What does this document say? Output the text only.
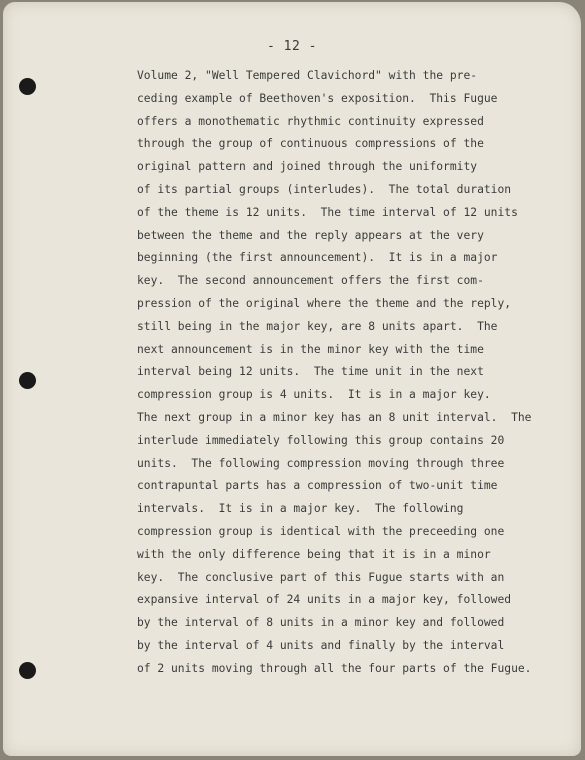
- 12 -
Volume 2, "Well Tempered Clavichord" with the pre-
ceding example of Beethoven's exposition.  This Fugue
offers a monothematic rhythmic continuity expressed
through the group of continuous compressions of the
original pattern and joined through the uniformity
of its partial groups (interludes).  The total duration
of the theme is 12 units.  The time interval of 12 units
between the theme and the reply appears at the very
beginning (the first announcement).  It is in a major
key.  The second announcement offers the first com-
pression of the original where the theme and the reply,
still being in the major key, are 8 units apart.  The
next announcement is in the minor key with the time
interval being 12 units.  The time unit in the next
compression group is 4 units.  It is in a major key.
The next group in a minor key has an 8 unit interval.  The
interlude immediately following this group contains 20
units.  The following compression moving through three
contrapuntal parts has a compression of two-unit time
intervals.  It is in a major key.  The following
compression group is identical with the preceeding one
with the only difference being that it is in a minor
key.  The conclusive part of this Fugue starts with an
expansive interval of 24 units in a major key, followed
by the interval of 8 units in a minor key and followed
by the interval of 4 units and finally by the interval
of 2 units moving through all the four parts of the Fugue.
